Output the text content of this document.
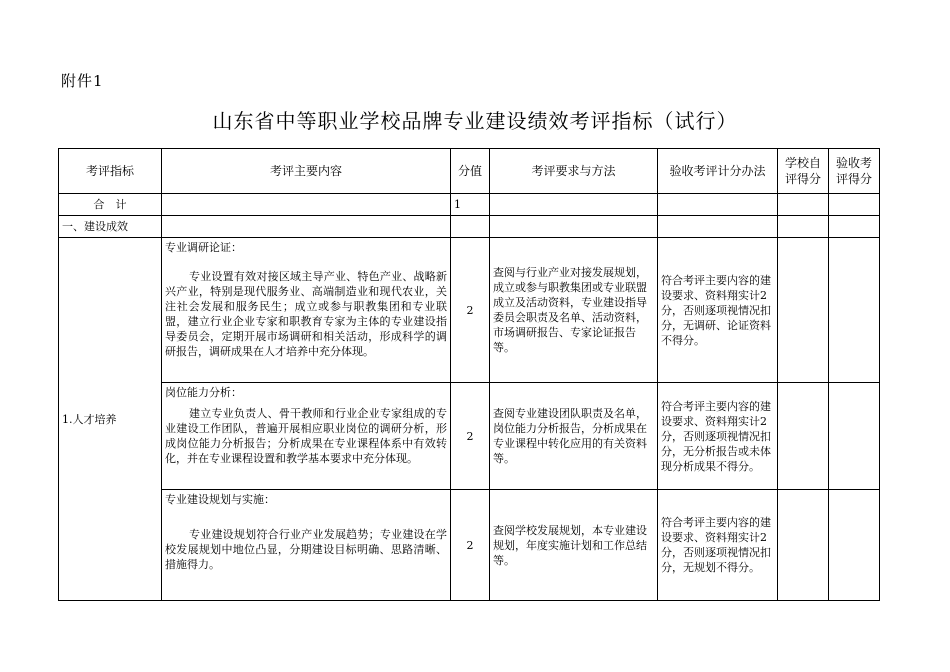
附件1
山东省中等职业学校品牌专业建设绩效考评指标（试行）
考评指标	考评主要内容	分值	考评要求与方法	验收考评计分办法	学校自评得分	验收考评得分
合　计		1				
一、建设成效						
1.人才培养	专业调研论证：
专业设置有效对接区域主导产业、特色产业、战略新兴产业，特别是现代服务业、高端制造业和现代农业，关注社会发展和服务民生；成立或参与职教集团和专业联盟，建立行业企业专家和职教育专家为主体的专业建设指导委员会，定期开展市场调研和相关活动，形成科学的调研报告，调研成果在人才培养中充分体现。	2	查阅与行业产业对接发展规划，成立或参与职教集团或专业联盟成立及活动资料，专业建设指导委员会职责及名单、活动资料，市场调研报告、专家论证报告等。	符合考评主要内容的建设要求、资料翔实计2分，否则逐项视情况扣分，无调研、论证资料不得分。		

	岗位能力分析：
建立专业负责人、骨干教师和行业企业专家组成的专业建设工作团队，普遍开展相应职业岗位的调研分析，形成岗位能力分析报告；分析成果在专业课程体系中有效转化，并在专业课程设置和教学基本要求中充分体现。	2	查阅专业建设团队职责及名单，岗位能力分析报告，分析成果在专业课程中转化应用的有关资料等。	符合考评主要内容的建设要求、资料翔实计2分，否则逐项视情况扣分，无分析报告或未体现分析成果不得分。		

	专业建设规划与实施：
专业建设规划符合行业产业发展趋势；专业建设在学校发展规划中地位凸显，分期建设目标明确、思路清晰、措施得力。	2	查阅学校发展规划，本专业建设规划，年度实施计划和工作总结等。	符合考评主要内容的建设要求、资料翔实计2分，否则逐项视情况扣分，无规划不得分。		
